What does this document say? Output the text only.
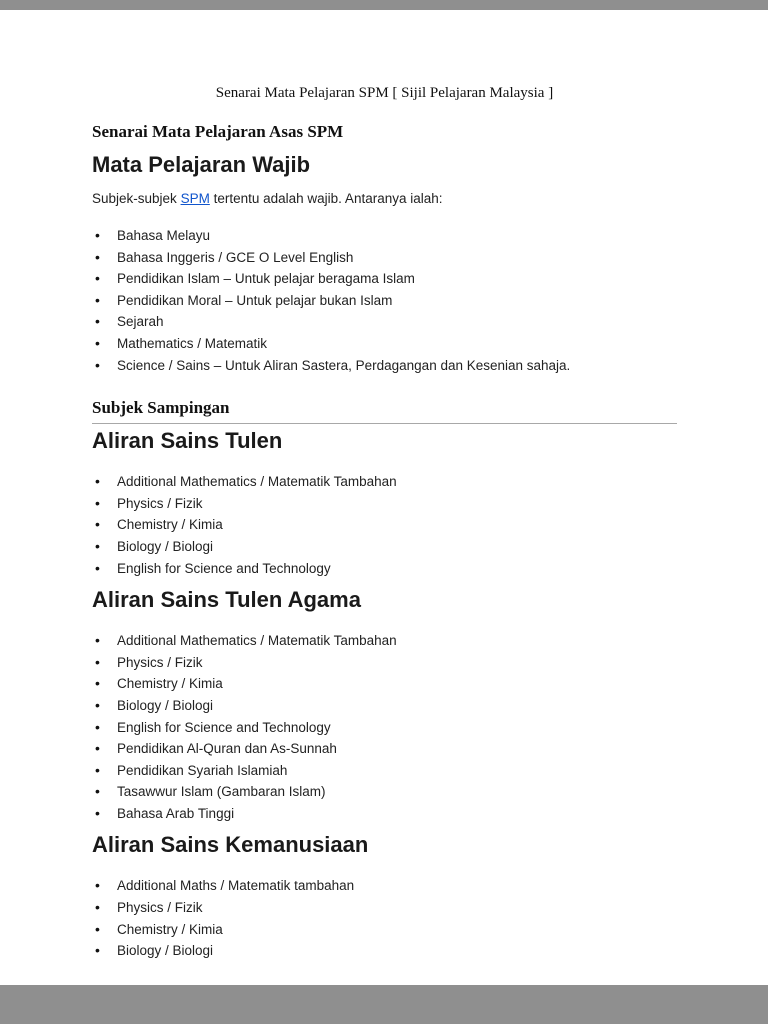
Senarai Mata Pelajaran SPM [ Sijil Pelajaran Malaysia ]
Senarai Mata Pelajaran Asas SPM
Mata Pelajaran Wajib

Subjek-subjek SPM tertentu adalah wajib. Antaranya ialah:

• Bahasa Melayu
• Bahasa Inggeris / GCE O Level English
• Pendidikan Islam – Untuk pelajar beragama Islam
• Pendidikan Moral – Untuk pelajar bukan Islam
• Sejarah
• Mathematics / Matematik
• Science / Sains – Untuk Aliran Sastera, Perdagangan dan Kesenian sahaja.
Subjek Sampingan
Aliran Sains Tulen
• Additional Mathematics / Matematik Tambahan
• Physics / Fizik
• Chemistry / Kimia
• Biology / Biologi
• English for Science and Technology
Aliran Sains Tulen Agama
• Additional Mathematics / Matematik Tambahan
• Physics / Fizik
• Chemistry / Kimia
• Biology / Biologi
• English for Science and Technology
• Pendidikan Al-Quran dan As-Sunnah
• Pendidikan Syariah Islamiah
• Tasawwur Islam (Gambaran Islam)
• Bahasa Arab Tinggi
Aliran Sains Kemanusiaan
• Additional Maths / Matematik tambahan
• Physics / Fizik
• Chemistry / Kimia
• Biology / Biologi
